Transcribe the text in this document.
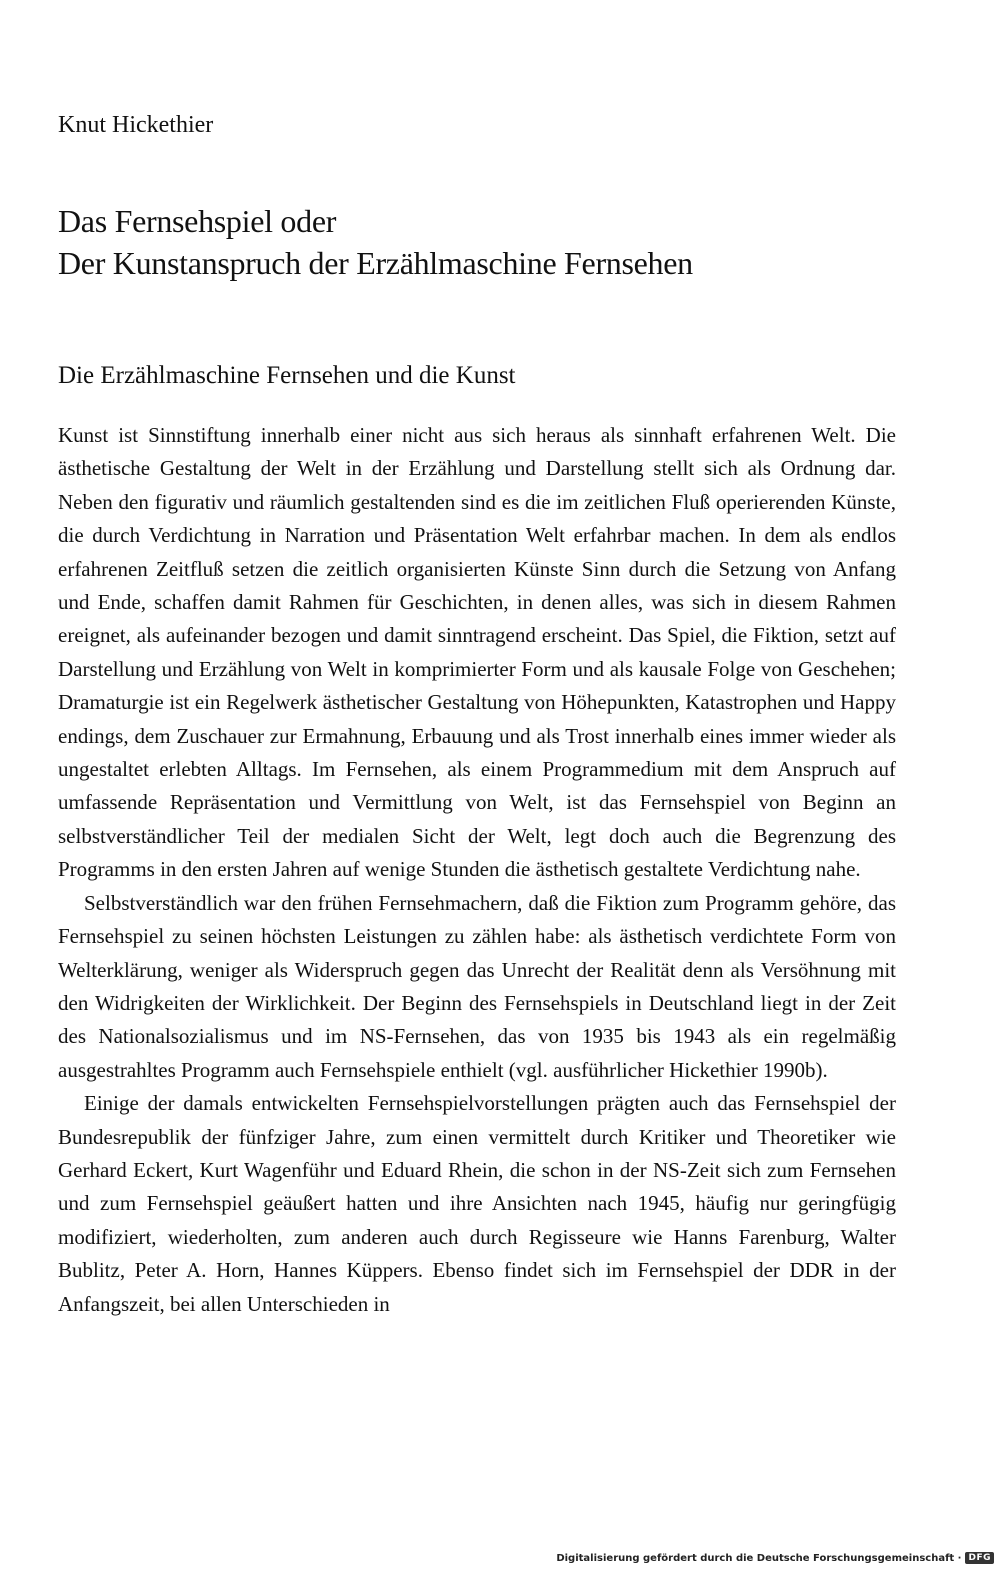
Knut Hickethier
Das Fernsehspiel oder
Der Kunstanspruch der Erzählmaschine Fernsehen
Die Erzählmaschine Fernsehen und die Kunst

Kunst ist Sinnstiftung innerhalb einer nicht aus sich heraus als sinnhaft erfahrenen Welt. Die ästhetische Gestaltung der Welt in der Erzählung und Darstellung stellt sich als Ordnung dar. Neben den figurativ und räumlich gestaltenden sind es die im zeitlichen Fluß operierenden Künste, die durch Verdichtung in Narration und Präsentation Welt erfahrbar machen. In dem als endlos erfahrenen Zeitfluß setzen die zeitlich organisierten Künste Sinn durch die Setzung von Anfang und Ende, schaffen damit Rahmen für Geschichten, in denen alles, was sich in diesem Rahmen ereignet, als aufeinander bezogen und damit sinntragend erscheint. Das Spiel, die Fiktion, setzt auf Darstellung und Erzählung von Welt in komprimierter Form und als kausale Folge von Geschehen; Dramaturgie ist ein Regelwerk ästhetischer Gestaltung von Höhepunkten, Katastrophen und Happy endings, dem Zuschauer zur Ermahnung, Erbauung und als Trost innerhalb eines immer wieder als ungestaltet erlebten Alltags. Im Fernsehen, als einem Programmedium mit dem Anspruch auf umfassende Repräsentation und Vermittlung von Welt, ist das Fernsehspiel von Beginn an selbstverständlicher Teil der medialen Sicht der Welt, legt doch auch die Begrenzung des Programms in den ersten Jahren auf wenige Stunden die ästhetisch gestaltete Verdichtung nahe.

Selbstverständlich war den frühen Fernsehmachern, daß die Fiktion zum Programm gehöre, das Fernsehspiel zu seinen höchsten Leistungen zu zählen habe: als ästhetisch verdichtete Form von Welterklärung, weniger als Widerspruch gegen das Unrecht der Realität denn als Versöhnung mit den Widrigkeiten der Wirklichkeit. Der Beginn des Fernsehspiels in Deutschland liegt in der Zeit des Nationalsozialismus und im NS-Fernsehen, das von 1935 bis 1943 als ein regelmäßig ausgestrahltes Programm auch Fernsehspiele enthielt (vgl. ausführlicher Hickethier 1990b).

Einige der damals entwickelten Fernsehspielvorstellungen prägten auch das Fernsehspiel der Bundesrepublik der fünfziger Jahre, zum einen vermittelt durch Kritiker und Theoretiker wie Gerhard Eckert, Kurt Wagenführ und Eduard Rhein, die schon in der NS-Zeit sich zum Fernsehen und zum Fernsehspiel geäußert hatten und ihre Ansichten nach 1945, häufig nur geringfügig modifiziert, wiederholten, zum anderen auch durch Regisseure wie Hanns Farenburg, Walter Bublitz, Peter A. Horn, Hannes Küppers. Ebenso findet sich im Fernsehspiel der DDR in der Anfangszeit, bei allen Unterschieden in

Digitalisierung gefördert durch die Deutsche Forschungsgemeinschaft · DFG
